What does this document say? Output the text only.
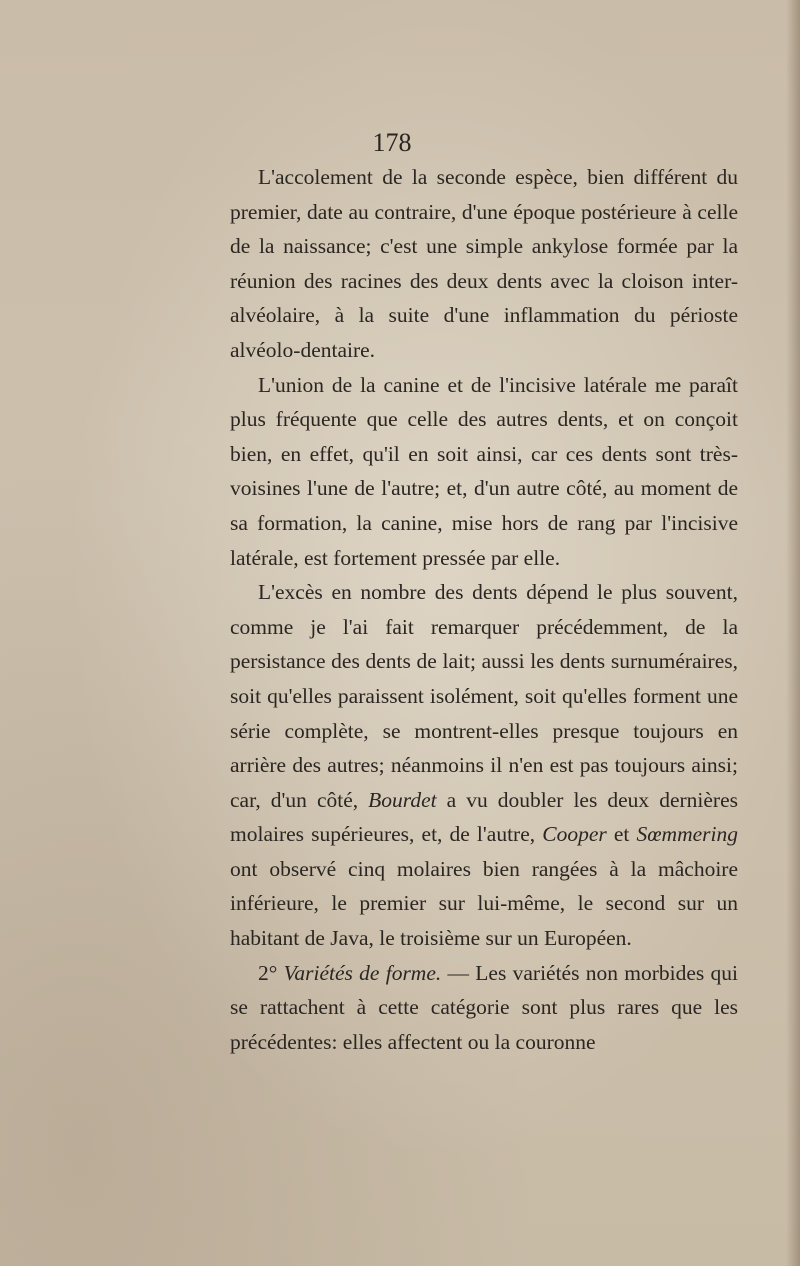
178

L'accolement de la seconde espèce, bien différent du premier, date au contraire, d'une époque postérieure à celle de la naissance; c'est une simple ankylose formée par la réunion des racines des deux dents avec la cloison inter-alvéolaire, à la suite d'une inflammation du périoste alvéolo-dentaire.

L'union de la canine et de l'incisive latérale me paraît plus fréquente que celle des autres dents, et on conçoit bien, en effet, qu'il en soit ainsi, car ces dents sont très-voisines l'une de l'autre; et, d'un autre côté, au moment de sa formation, la canine, mise hors de rang par l'incisive latérale, est fortement pressée par elle.

L'excès en nombre des dents dépend le plus souvent, comme je l'ai fait remarquer précédemment, de la persistance des dents de lait; aussi les dents surnuméraires, soit qu'elles paraissent isolément, soit qu'elles forment une série complète, se montrent-elles presque toujours en arrière des autres; néanmoins il n'en est pas toujours ainsi; car, d'un côté, Bourdet a vu doubler les deux dernières molaires supérieures, et, de l'autre, Cooper et Sœmmering ont observé cinq molaires bien rangées à la mâchoire inférieure, le premier sur lui-même, le second sur un habitant de Java, le troisième sur un Européen.

2° Variétés de forme. — Les variétés non morbides qui se rattachent à cette catégorie sont plus rares que les précédentes: elles affectent ou la couronne
